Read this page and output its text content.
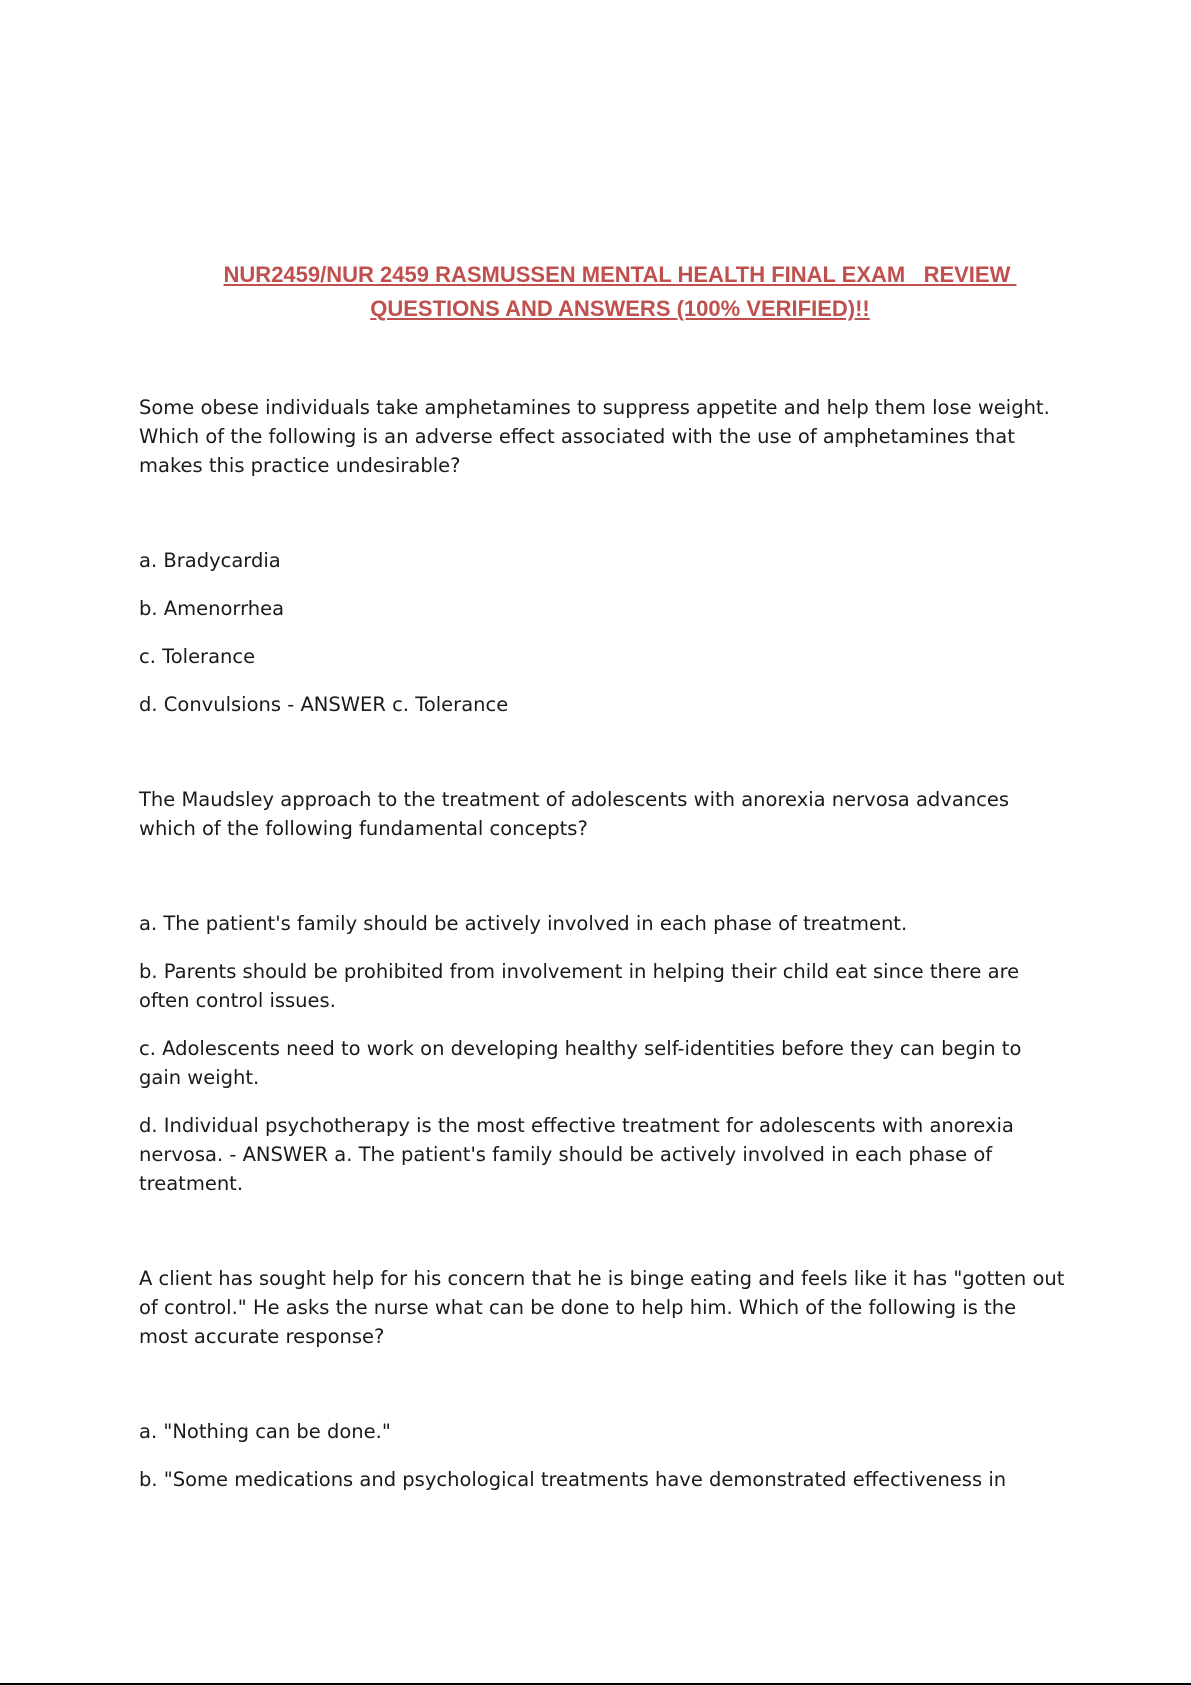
NUR2459/NUR 2459 RASMUSSEN MENTAL HEALTH FINAL EXAM   REVIEW
QUESTIONS AND ANSWERS (100% VERIFIED)!!

Some obese individuals take amphetamines to suppress appetite and help them lose weight. Which of the following is an adverse effect associated with the use of amphetamines that makes this practice undesirable?

a. Bradycardia

b. Amenorrhea

c. Tolerance

d. Convulsions - ANSWER c. Tolerance

The Maudsley approach to the treatment of adolescents with anorexia nervosa advances which of the following fundamental concepts?

a. The patient's family should be actively involved in each phase of treatment.

b. Parents should be prohibited from involvement in helping their child eat since there are often control issues.

c. Adolescents need to work on developing healthy self-identities before they can begin to gain weight.

d. Individual psychotherapy is the most effective treatment for adolescents with anorexia nervosa. - ANSWER a. The patient's family should be actively involved in each phase of treatment.

A client has sought help for his concern that he is binge eating and feels like it has "gotten out of control." He asks the nurse what can be done to help him. Which of the following is the most accurate response?

a. "Nothing can be done."

b. "Some medications and psychological treatments have demonstrated effectiveness in
